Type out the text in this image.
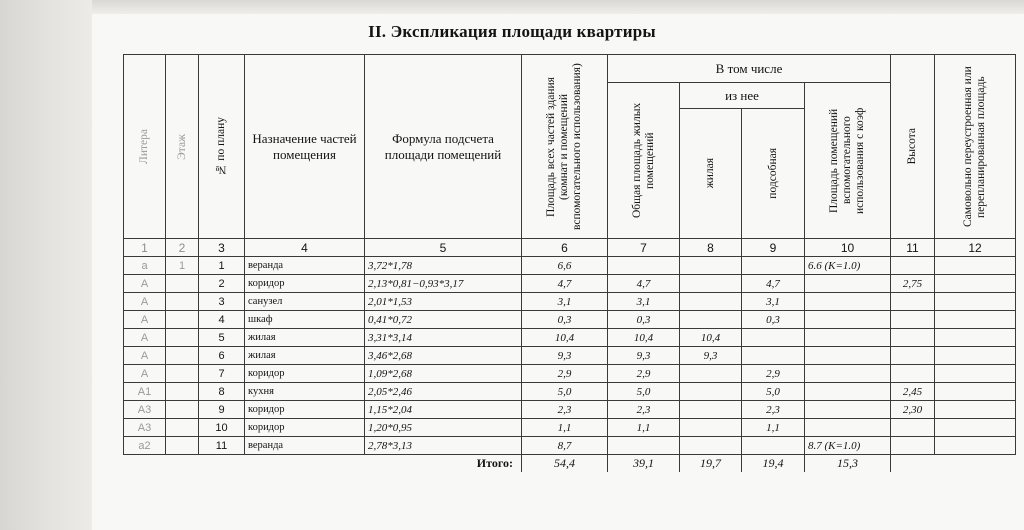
II. Экспликация площади квартиры
Литера	Этаж	№ по плану	Назначение частей помещения	Формула подсчета площади помещений	Площадь всех частей здания (комнат и помещений вспомогательного использования)	В том числе				Высота	Самовольно переустроенная или перепланированная площадь

						Общая площадь жилых помещений	из нее		Площадь помещений вспомогательного использования с коэф		

							жилая	подсобная			

1	2	3	4	5	6	7	8	9	10	11	12
a	1	1	веранда	3,72*1,78	6,6				6.6 (K=1.0)		
A		2	коридор	2,13*0,81−0,93*3,17	4,7	4,7		4,7		2,75	
A		3	санузел	2,01*1,53	3,1	3,1		3,1			
A		4	шкаф	0,41*0,72	0,3	0,3		0,3			
A		5	жилая	3,31*3,14	10,4	10,4	10,4				
A		6	жилая	3,46*2,68	9,3	9,3	9,3				
A		7	коридор	1,09*2,68	2,9	2,9		2,9			
A1		8	кухня	2,05*2,46	5,0	5,0		5,0		2,45	
A3		9	коридор	1,15*2,04	2,3	2,3		2,3		2,30	
A3		10	коридор	1,20*0,95	1,1	1,1		1,1			
a2		11	веранда	2,78*3,13	8,7				8.7 (K=1.0)		
				Итого:	54,4	39,1	19,7	19,4	15,3		
